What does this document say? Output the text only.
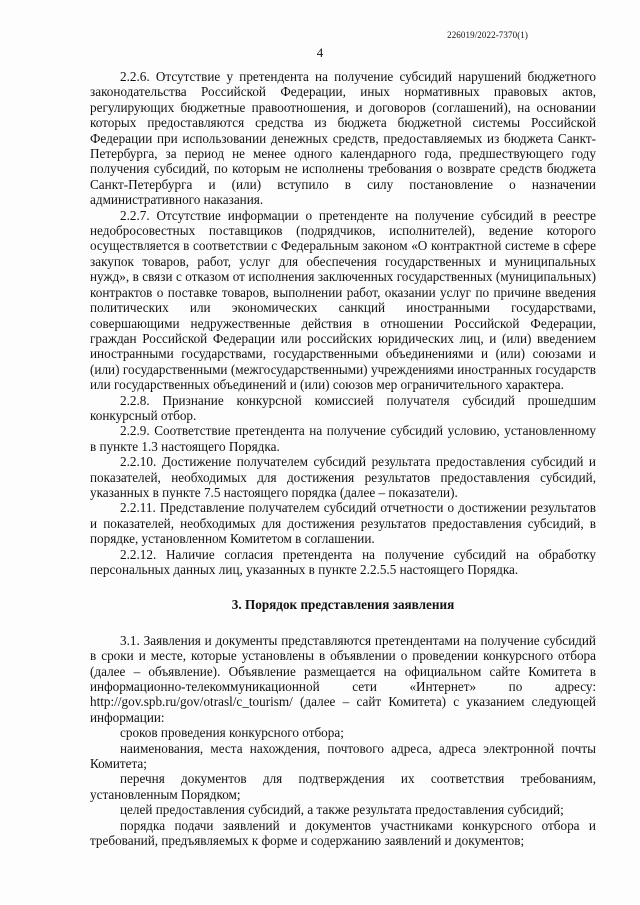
226019/2022-7370(1)
4

2.2.6. Отсутствие у претендента на получение субсидий нарушений бюджетного законодательства Российской Федерации, иных нормативных правовых актов, регулирующих бюджетные правоотношения, и договоров (соглашений), на основании которых предоставляются средства из бюджета бюджетной системы Российской Федерации при использовании денежных средств, предоставляемых из бюджета Санкт-Петербурга, за период не менее одного календарного года, предшествующего году получения субсидий, по которым не исполнены требования о возврате средств бюджета Санкт-Петербурга и (или) вступило в силу постановление о назначении административного наказания.

2.2.7. Отсутствие информации о претенденте на получение субсидий в реестре недобросовестных поставщиков (подрядчиков, исполнителей), ведение которого осуществляется в соответствии с Федеральным законом «О контрактной системе в сфере закупок товаров, работ, услуг для обеспечения государственных и муниципальных нужд», в связи с отказом от исполнения заключенных государственных (муниципальных) контрактов о поставке товаров, выполнении работ, оказании услуг по причине введения политических или экономических санкций иностранными государствами, совершающими недружественные действия в отношении Российской Федерации, граждан Российской Федерации или российских юридических лиц, и (или) введением иностранными государствами, государственными объединениями и (или) союзами и (или) государственными (межгосударственными) учреждениями иностранных государств или государственных объединений и (или) союзов мер ограничительного характера.

2.2.8. Признание конкурсной комиссией получателя субсидий прошедшим конкурсный отбор.

2.2.9. Соответствие претендента на получение субсидий условию, установленному в пункте 1.3 настоящего Порядка.

2.2.10. Достижение получателем субсидий результата предоставления субсидий и показателей, необходимых для достижения результатов предоставления субсидий, указанных в пункте 7.5 настоящего порядка (далее – показатели).

2.2.11. Представление получателем субсидий отчетности о достижении результатов и показателей, необходимых для достижения результатов предоставления субсидий, в порядке, установленном Комитетом в соглашении.

2.2.12. Наличие согласия претендента на получение субсидий на обработку персональных данных лиц, указанных в пункте 2.2.5.5 настоящего Порядка.

3. Порядок представления заявления

3.1. Заявления и документы представляются претендентами на получение субсидий в сроки и месте, которые установлены в объявлении о проведении конкурсного отбора (далее – объявление). Объявление размещается на официальном сайте Комитета в информационно-телекоммуникационной сети «Интернет» по адресу: http://gov.spb.ru/gov/otrasl/c_tourism/ (далее – сайт Комитета) с указанием следующей информации:

сроков проведения конкурсного отбора;

наименования, места нахождения, почтового адреса, адреса электронной почты Комитета;

перечня документов для подтверждения их соответствия требованиям, установленным Порядком;

целей предоставления субсидий, а также результата предоставления субсидий;

порядка подачи заявлений и документов участниками конкурсного отбора и требований, предъявляемых к форме и содержанию заявлений и документов;
